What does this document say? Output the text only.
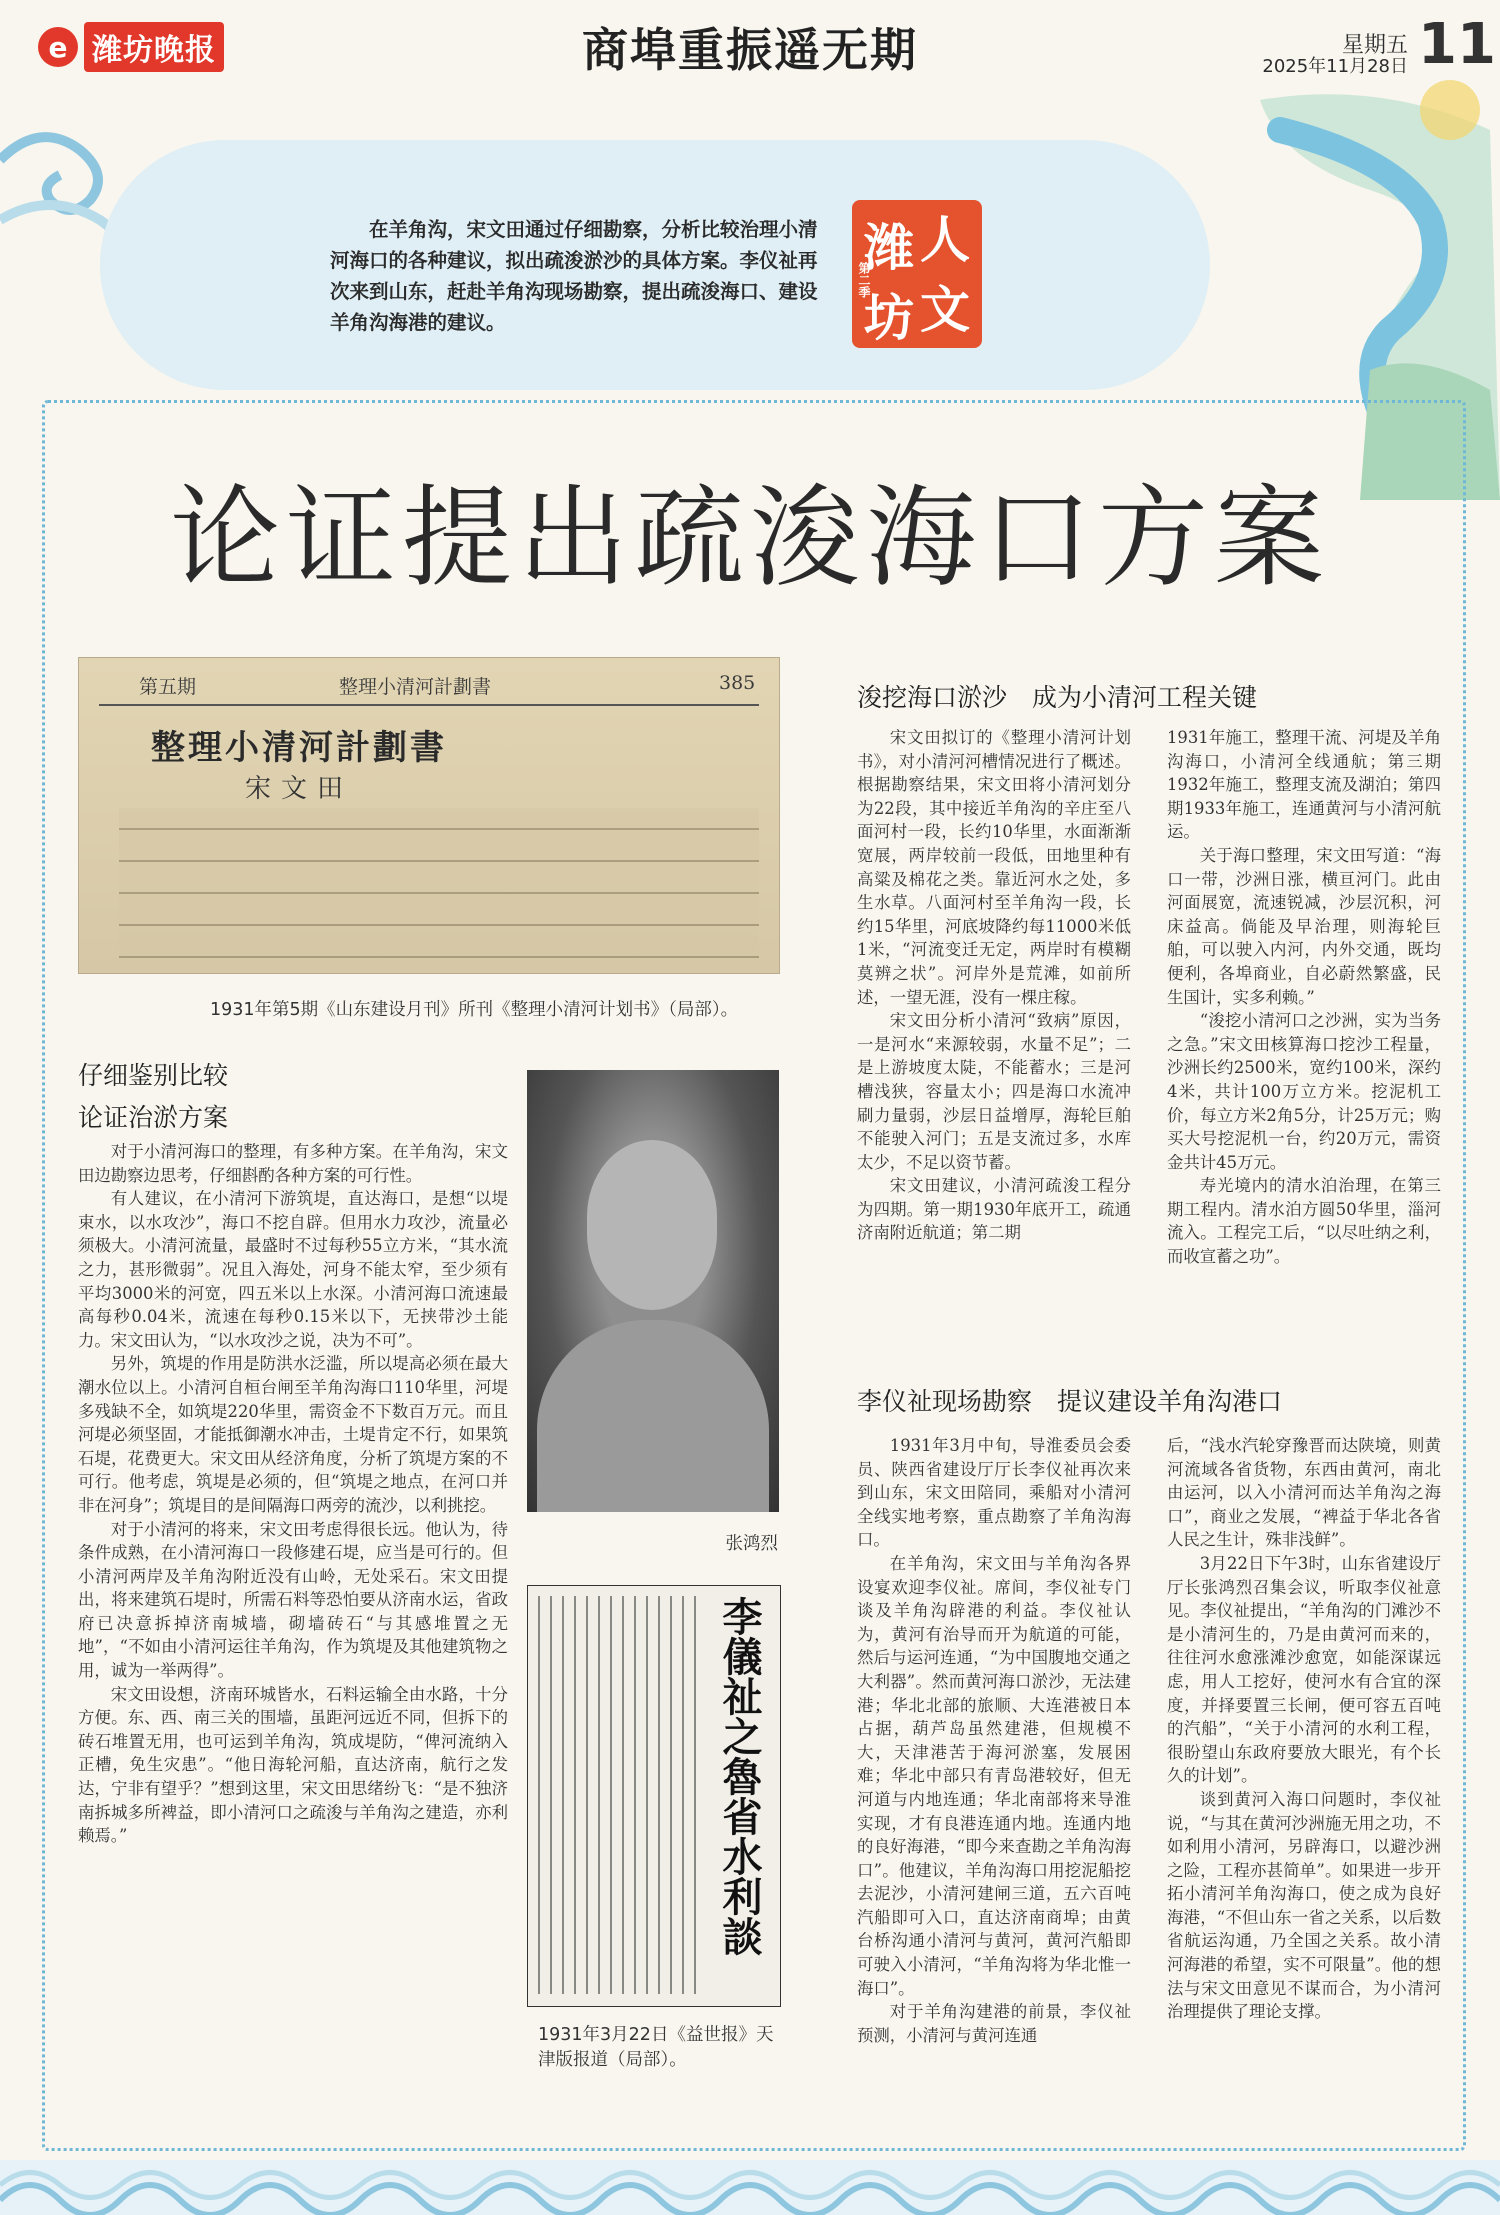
e 潍坊晚报	商埠重振遥无期	星期五
2025年11月28日 11
在羊角沟，宋文田通过仔细勘察，分析比较治理小清河海口的各种建议，拟出疏浚淤沙的具体方案。李仪祉再次来到山东，赶赴羊角沟现场勘察，提出疏浚海口、建设羊角沟海港的建议。
潍 人
坊 文
第二季
论证提出疏浚海口方案
第五期	整理小清河計劃書	385
整理小清河計劃書
宋文田
1931年第5期《山东建设月刊》所刊《整理小清河计划书》（局部）。
张鸿烈
李儀祉之魯省水利談
1931年3月22日《益世报》天津版报道（局部）。
仔细鉴别比较
论证治淤方案

对于小清河海口的整理，有多种方案。在羊角沟，宋文田边勘察边思考，仔细斟酌各种方案的可行性。

有人建议，在小清河下游筑堤，直达海口，是想“以堤束水，以水攻沙”，海口不挖自辟。但用水力攻沙，流量必须极大。小清河流量，最盛时不过每秒55立方米，“其水流之力，甚形微弱”。况且入海处，河身不能太窄，至少须有平均3000米的河宽，四五米以上水深。小清河海口流速最高每秒0.04米，流速在每秒0.15米以下，无挟带沙土能力。宋文田认为，“以水攻沙之说，决为不可”。

另外，筑堤的作用是防洪水泛滥，所以堤高必须在最大潮水位以上。小清河自桓台闸至羊角沟海口110华里，河堤多残缺不全，如筑堤220华里，需资金不下数百万元。而且河堤必须坚固，才能抵御潮水冲击，土堤肯定不行，如果筑石堤，花费更大。宋文田从经济角度，分析了筑堤方案的不可行。他考虑，筑堤是必须的，但“筑堤之地点，在河口并非在河身”；筑堤目的是间隔海口两旁的流沙，以利挑挖。

对于小清河的将来，宋文田考虑得很长远。他认为，待条件成熟，在小清河海口一段修建石堤，应当是可行的。但小清河两岸及羊角沟附近没有山岭，无处采石。宋文田提出，将来建筑石堤时，所需石料等恐怕要从济南水运，省政府已决意拆掉济南城墙，砌墙砖石“与其感堆置之无地”，“不如由小清河运往羊角沟，作为筑堤及其他建筑物之用，诚为一举两得”。

宋文田设想，济南环城皆水，石料运输全由水路，十分方便。东、西、南三关的围墙，虽距河远近不同，但拆下的砖石堆置无用，也可运到羊角沟，筑成堤防，“俾河流纳入正槽，免生灾患”。“他日海轮河船，直达济南，航行之发达，宁非有望乎？”想到这里，宋文田思绪纷飞：“是不独济南拆城多所裨益，即小清河口之疏浚与羊角沟之建造，亦利赖焉。”

浚挖海口淤沙　成为小清河工程关键

宋文田拟订的《整理小清河计划书》，对小清河河槽情况进行了概述。根据勘察结果，宋文田将小清河划分为22段，其中接近羊角沟的辛庄至八面河村一段，长约10华里，水面渐渐宽展，两岸较前一段低，田地里种有高粱及棉花之类。靠近河水之处，多生水草。八面河村至羊角沟一段，长约15华里，河底坡降约每11000米低1米，“河流变迁无定，两岸时有模糊莫辨之状”。河岸外是荒滩，如前所述，一望无涯，没有一棵庄稼。

宋文田分析小清河“致病”原因，一是河水“来源较弱，水量不足”；二是上游坡度太陡，不能蓄水；三是河槽浅狭，容量太小；四是海口水流冲刷力量弱，沙层日益增厚，海轮巨舶不能驶入河门；五是支流过多，水库太少，不足以资节蓄。

宋文田建议，小清河疏浚工程分为四期。第一期1930年底开工，疏通济南附近航道；第二期

1931年施工，整理干流、河堤及羊角沟海口，小清河全线通航；第三期1932年施工，整理支流及湖泊；第四期1933年施工，连通黄河与小清河航运。

关于海口整理，宋文田写道：“海口一带，沙洲日涨，横亘河门。此由河面展宽，流速锐减，沙层沉积，河床益高。倘能及早治理，则海轮巨舶，可以驶入内河，内外交通，既均便利，各埠商业，自必蔚然繁盛，民生国计，实多利赖。”

“浚挖小清河口之沙洲，实为当务之急。”宋文田核算海口挖沙工程量，沙洲长约2500米，宽约100米，深约4米，共计100万立方米。挖泥机工价，每立方米2角5分，计25万元；购买大号挖泥机一台，约20万元，需资金共计45万元。

寿光境内的清水泊治理，在第三期工程内。清水泊方圆50华里，淄河流入。工程完工后，“以尽吐纳之利，而收宣蓄之功”。

李仪祉现场勘察　提议建设羊角沟港口

1931年3月中旬，导淮委员会委员、陕西省建设厅厅长李仪祉再次来到山东，宋文田陪同，乘船对小清河全线实地考察，重点勘察了羊角沟海口。

在羊角沟，宋文田与羊角沟各界设宴欢迎李仪祉。席间，李仪祉专门谈及羊角沟辟港的利益。李仪祉认为，黄河有治导而开为航道的可能，然后与运河连通，“为中国腹地交通之大利器”。然而黄河海口淤沙，无法建港；华北北部的旅顺、大连港被日本占据，葫芦岛虽然建港，但规模不大，天津港苦于海河淤塞，发展困难；华北中部只有青岛港较好，但无河道与内地连通；华北南部将来导淮实现，才有良港连通内地。连通内地的良好海港，“即今来查勘之羊角沟海口”。他建议，羊角沟海口用挖泥船挖去泥沙，小清河建闸三道，五六百吨汽船即可入口，直达济南商埠；由黄台桥沟通小清河与黄河，黄河汽船即可驶入小清河，“羊角沟将为华北惟一海口”。

对于羊角沟建港的前景，李仪祉预测，小清河与黄河连通

后，“浅水汽轮穿豫晋而达陕境，则黄河流域各省货物，东西由黄河，南北由运河，以入小清河而达羊角沟之海口”，商业之发展，“裨益于华北各省人民之生计，殊非浅鲜”。

3月22日下午3时，山东省建设厅厅长张鸿烈召集会议，听取李仪祉意见。李仪祉提出，“羊角沟的门滩沙不是小清河生的，乃是由黄河而来的，往往河水愈涨滩沙愈宽，如能深谋远虑，用人工挖好，使河水有合宜的深度，并择要置三长闸，便可容五百吨的汽船”，“关于小清河的水利工程，很盼望山东政府要放大眼光，有个长久的计划”。

谈到黄河入海口问题时，李仪祉说，“与其在黄河沙洲施无用之功，不如利用小清河，另辟海口，以避沙洲之险，工程亦甚简单”。如果进一步开拓小清河羊角沟海口，使之成为良好海港，“不但山东一省之关系，以后数省航运沟通，乃全国之关系。故小清河海港的希望，实不可限量”。他的想法与宋文田意见不谋而合，为小清河治理提供了理论支撑。
